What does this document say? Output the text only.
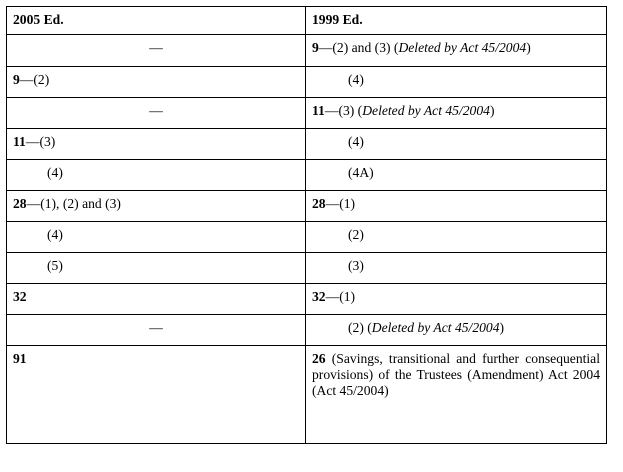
2005 Ed.	1999 Ed.
—	9—(2) and (3) (Deleted by Act 45/2004)
9—(2)	(4)
—	11—(3) (Deleted by Act 45/2004)
11—(3)	(4)
(4)	(4A)
28—(1), (2) and (3)	28—(1)
(4)	(2)
(5)	(3)
32	32—(1)
—	(2) (Deleted by Act 45/2004)
91	26 (Savings, transitional and further consequential provisions) of the Trustees (Amendment) Act 2004 (Act 45/2004)
